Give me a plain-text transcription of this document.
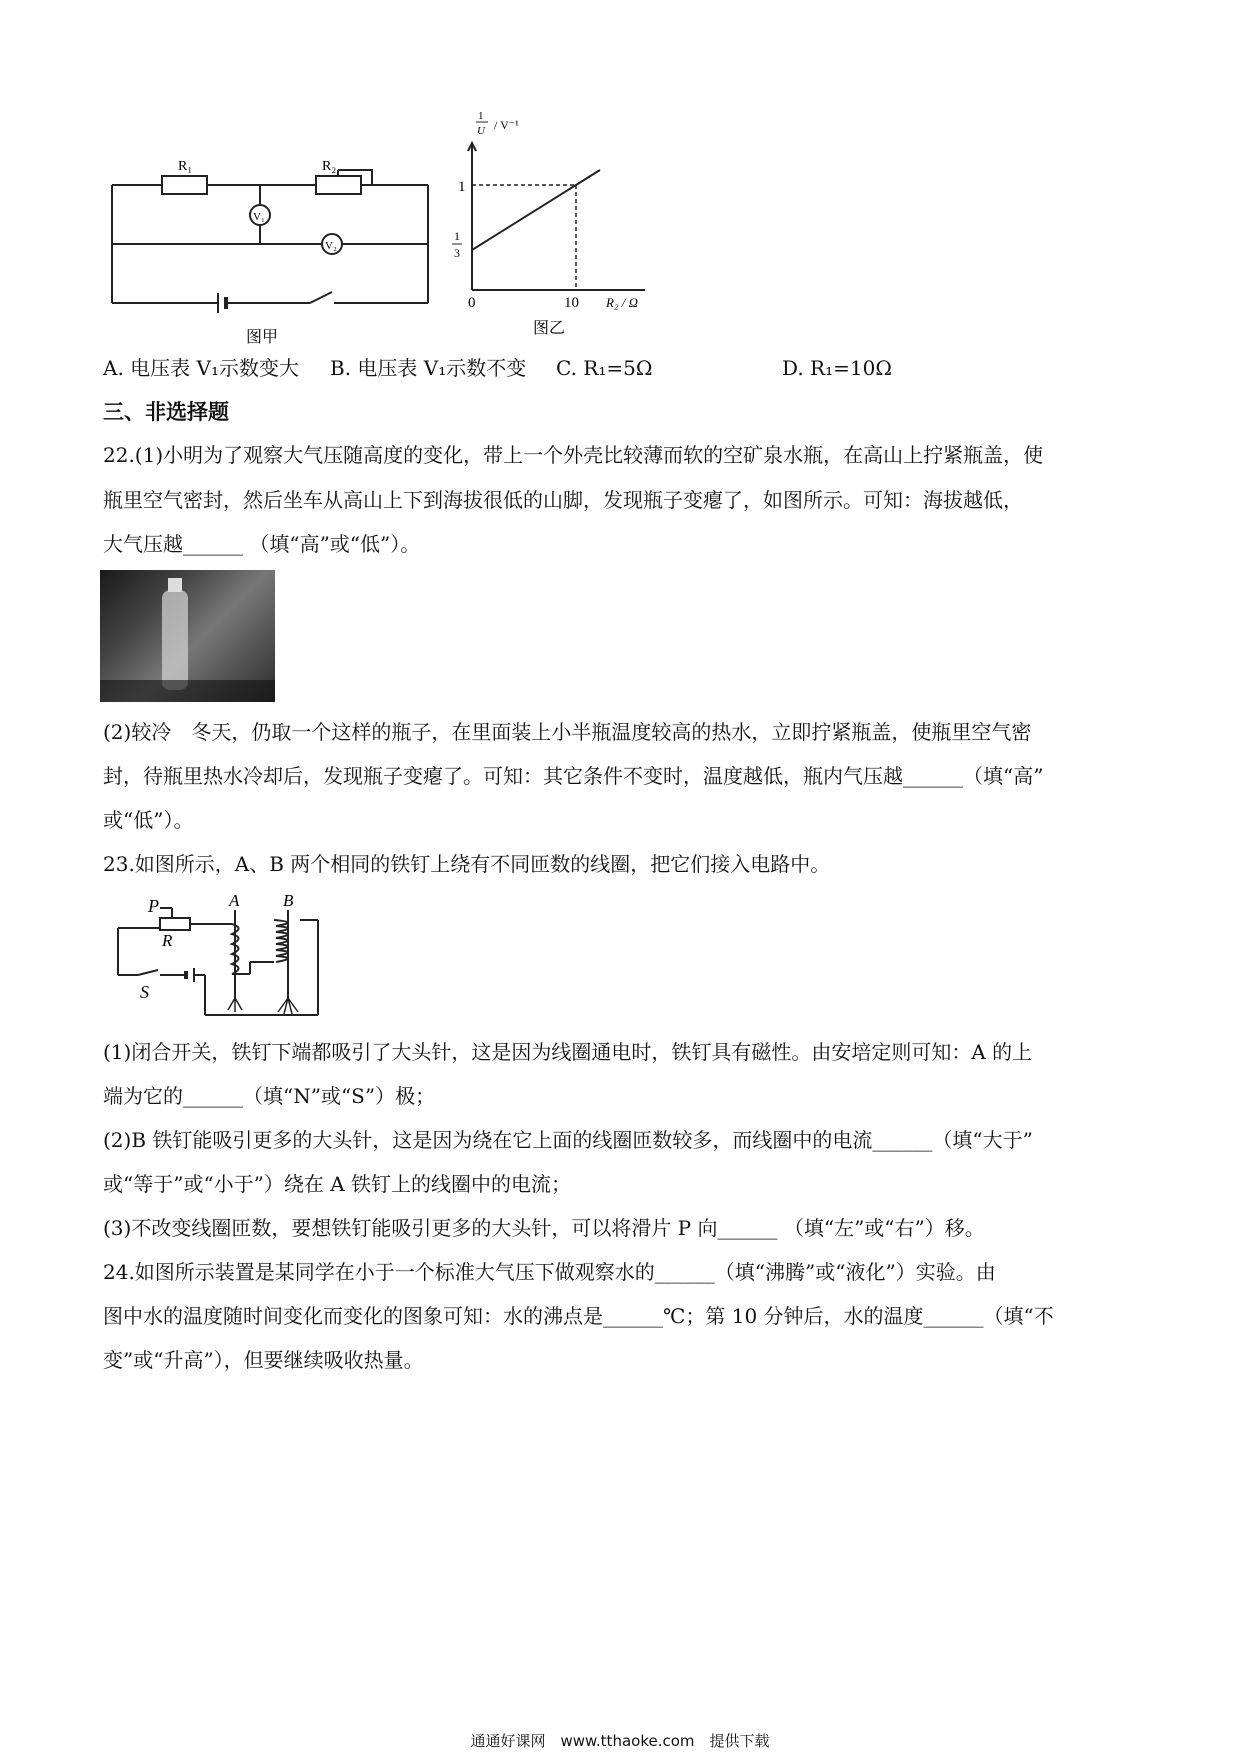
R₁	R₂
V₁
V₂
图甲
1
U / V⁻¹
1
1
3
0	10 R₂ / Ω
图乙
A. 电压表 V₁示数变大 B. 电压表 V₁示数不变 C. R₁=5Ω	D. R₁=10Ω
三、非选择题
22.(1)小明为了观察大气压随高度的变化，带上一个外壳比较薄而软的空矿泉水瓶，在高山上拧紧瓶盖，使
瓶里空气密封，然后坐车从高山上下到海拔很低的山脚，发现瓶子变瘪了，如图所示。可知：海拔越低，
大气压越______ （填“高”或“低”）。
(2)较冷　冬天，仍取一个这样的瓶子，在里面装上小半瓶温度较高的热水，立即拧紧瓶盖，使瓶里空气密
封，待瓶里热水冷却后，发现瓶子变瘪了。可知：其它条件不变时，温度越低，瓶内气压越______（填“高”
或“低”）。
23.如图所示，A、B 两个相同的铁钉上绕有不同匝数的线圈，把它们接入电路中。
P
R
A	B
S
(1)闭合开关，铁钉下端都吸引了大头针，这是因为线圈通电时，铁钉具有磁性。由安培定则可知：A 的上
端为它的______（填“N”或“S”）极；
(2)B 铁钉能吸引更多的大头针，这是因为绕在它上面的线圈匝数较多，而线圈中的电流______（填“大于”
或“等于”或“小于”）绕在 A 铁钉上的线圈中的电流；
(3)不改变线圈匝数，要想铁钉能吸引更多的大头针，可以将滑片 P 向______ （填“左”或“右”）移。
24.如图所示装置是某同学在小于一个标准大气压下做观察水的______（填“沸腾”或“液化”）实验。由
图中水的温度随时间变化而变化的图象可知：水的沸点是______℃；第 10 分钟后，水的温度______（填“不
变”或“升高”），但要继续吸收热量。
通通好课网　www.tthaoke.com　提供下载
